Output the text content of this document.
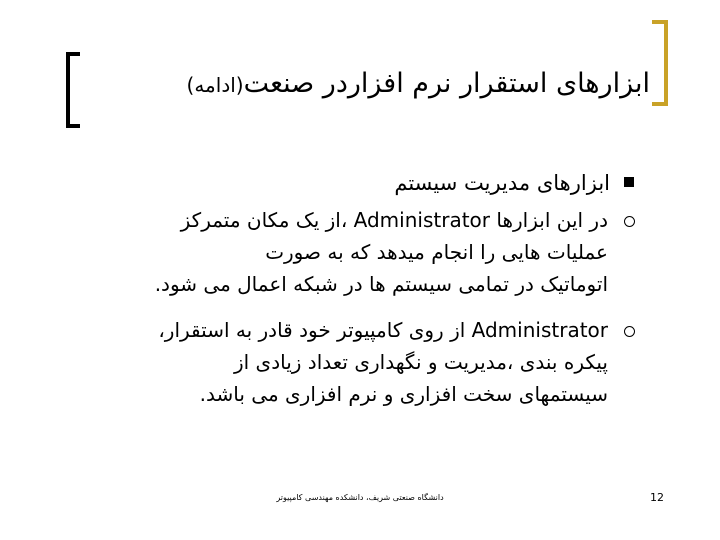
ابزارهای استقرار نرم افزاردر صنعت(ادامه)
ابزارهای مدیریت سیستم
در این ابزارها Administrator ،از یک مکان متمرکز
عملیات هایی را انجام میدهد که به صورت
اتوماتیک در تمامی سیستم ها در شبکه اعمال می شود.
Administrator از روی کامپیوتر خود قادر به استقرار،
پیکره بندی ،مدیریت و نگهداری تعداد زیادی از
سیستمهای سخت افزاری و نرم افزاری می باشد.
دانشگاه صنعتی شریف، دانشکده مهندسی کامپیوتر	12
